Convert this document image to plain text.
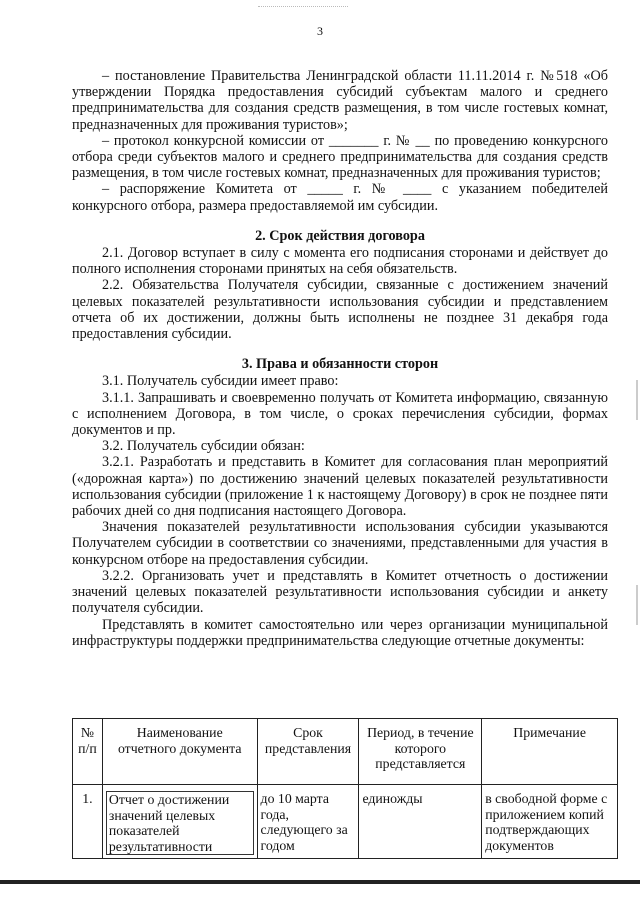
3

– постановление Правительства Ленинградской области 11.11.2014 г. №518 «Об утверждении Порядка предоставления субсидий субъектам малого и среднего предпринимательства для создания средств размещения, в том числе гостевых комнат, предназначенных для проживания туристов»;

– протокол конкурсной комиссии от _______ г. № __ по проведению конкурсного отбора среди субъектов малого и среднего предпринимательства для создания средств размещения, в том числе гостевых комнат, предназначенных для проживания туристов;

– распоряжение Комитета от _____ г. № ____ с указанием победителей конкурсного отбора, размера предоставляемой им субсидии.

2. Срок действия договора

2.1. Договор вступает в силу с момента его подписания сторонами и действует до полного исполнения сторонами принятых на себя обязательств.

2.2. Обязательства Получателя субсидии, связанные с достижением значений целевых показателей результативности использования субсидии и представлением отчета об их достижении, должны быть исполнены не позднее 31 декабря года предоставления субсидии.

3. Права и обязанности сторон

3.1. Получатель субсидии имеет право:

3.1.1. Запрашивать и своевременно получать от Комитета информацию, связанную с исполнением Договора, в том числе, о сроках перечисления субсидии, формах документов и пр.

3.2. Получатель субсидии обязан:

3.2.1. Разработать и представить в Комитет для согласования план мероприятий («дорожная карта») по достижению значений целевых показателей результативности использования субсидии (приложение 1 к настоящему Договору) в срок не позднее пяти рабочих дней со дня подписания настоящего Договора.

Значения показателей результативности использования субсидии указываются Получателем субсидии в соответствии со значениями, представленными для участия в конкурсном отборе на предоставления субсидии.

3.2.2. Организовать учет и представлять в Комитет отчетность о достижении значений целевых показателей результативности использования субсидии и анкету получателя субсидии.

Представлять в комитет самостоятельно или через организации муниципальной инфраструктуры поддержки предпринимательства следующие отчетные документы:

№ п/п	Наименование отчетного документа	Срок представления	Период, в течение которого представляется	Примечание
1.	Отчет о достижении значений целевых показателей результативности	до 10 марта года, следующего за годом	единожды	в свободной форме с приложением копий подтверждающих документов
